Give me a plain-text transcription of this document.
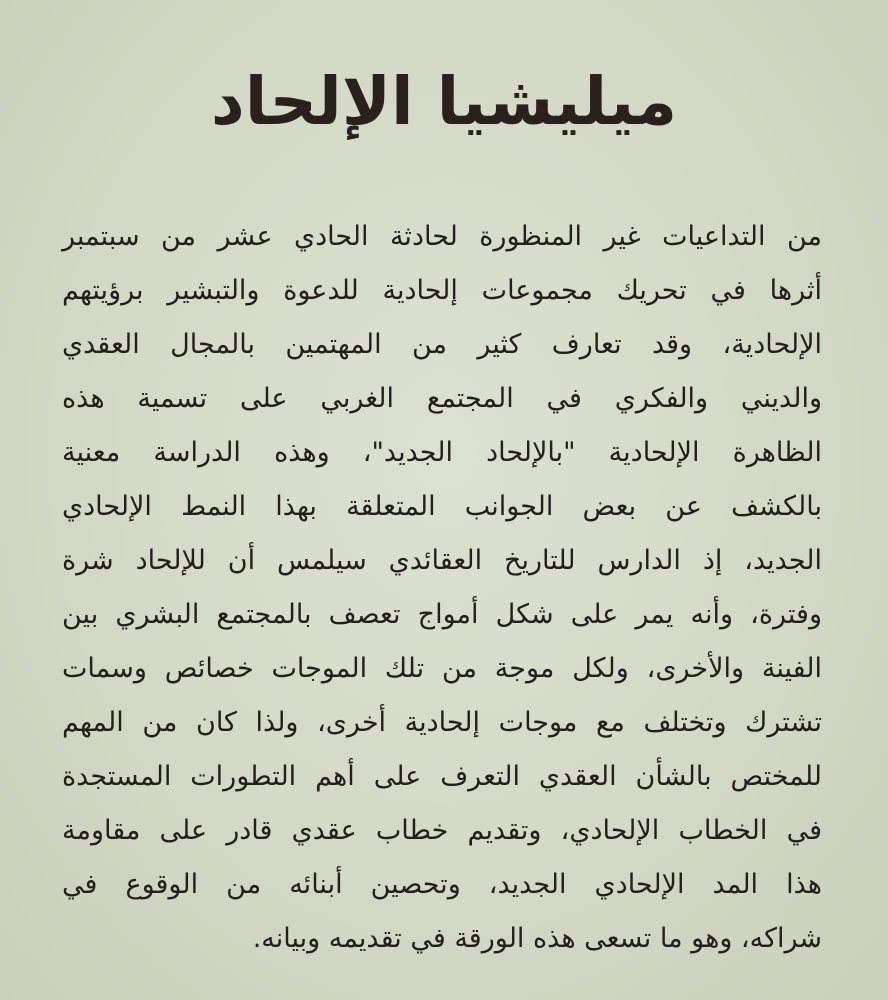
ميليشيا الإلحاد
من التداعيات غير المنظورة لحادثة الحادي عشر من سبتمبر
أثرها في تحريك مجموعات إلحادية للدعوة والتبشير برؤيتهم
الإلحادية، وقد تعارف كثير من المهتمين بالمجال العقدي
والديني والفكري في المجتمع الغربي على تسمية هذه
الظاهرة الإلحادية "بالإلحاد الجديد"، وهذه الدراسة معنية
بالكشف عن بعض الجوانب المتعلقة بهذا النمط الإلحادي
الجديد، إذ الدارس للتاريخ العقائدي سيلمس أن للإلحاد شرة
وفترة، وأنه يمر على شكل أمواج تعصف بالمجتمع البشري بين
الفينة والأخرى، ولكل موجة من تلك الموجات خصائص وسمات
تشترك وتختلف مع موجات إلحادية أخرى، ولذا كان من المهم
للمختص بالشأن العقدي التعرف على أهم التطورات المستجدة
في الخطاب الإلحادي، وتقديم خطاب عقدي قادر على مقاومة
هذا المد الإلحادي الجديد، وتحصين أبنائه من الوقوع في
شراكه، وهو ما تسعى هذه الورقة في تقديمه وبيانه.
